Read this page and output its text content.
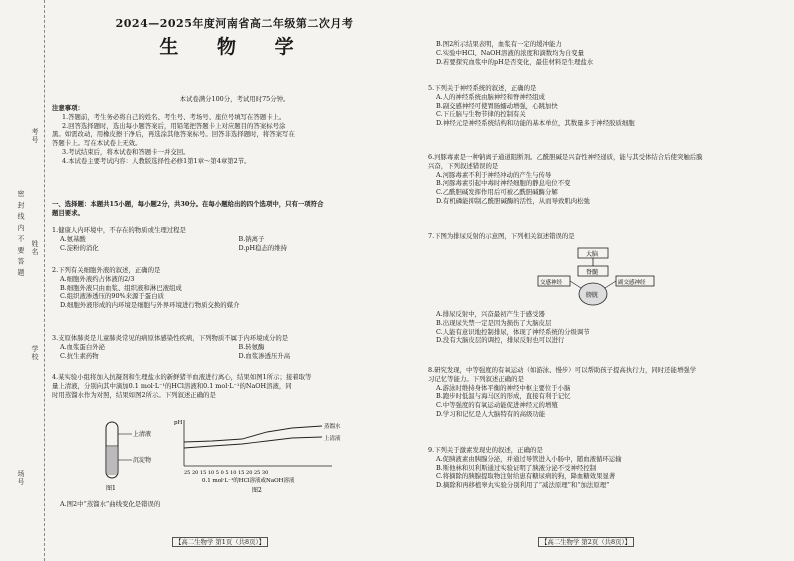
考号
姓名
学校
密 封 线 内 不 要 答 题
场号
2024—2025年度河南省高二年级第二次月考
生 物 学
本试卷满分100分，考试用时75分钟。
注意事项：
1.答题前，考生务必将自己的姓名、考生号、考场号、座位号填写在答题卡上。
2.回答选择题时，选出每小题答案后，用铅笔把答题卡上对应题目的答案标号涂
黑。如需改动，用橡皮擦干净后，再选涂其他答案标号。回答非选择题时，将答案写在
答题卡上。写在本试卷上无效。
3.考试结束后，将本试卷和答题卡一并交回。
4.本试卷主要考试内容：人教版选择性必修1第1章～第4章第2节。
一、选择题：本题共15小题，每小题2分，共30分。在每小题给出的四个选项中，只有一项符合
题目要求。
1.健康人内环境中，不存在的物质或生理过程是
A.氨基酸	B.钠离子
C.淀粉的消化	D.pH稳态的维持
2.下列有关细胞外液的叙述，正确的是
A.细胞外液约占体液的2/3
B.细胞外液只由血浆、组织液和淋巴液组成
C.组织液渗透压的90%来源于蛋白质
D.细胞外液形成的内环境是细胞与外界环境进行物质交换的媒介
3.支原体肺炎是儿童肺炎常见的病原体感染性疾病，下列物质不属于内环境成分的是
A.血浆蛋白外泌	B.转氨酶
C.抗生素药物	D.血浆渗透压升高
4.某实验小组将加入抗凝剂和生理盐水的新鲜猪羊血液进行离心，结果如图1所示；接着取等
量上清液，分别向其中滴加0.1 mol·L⁻¹的HCl溶液和0.1 mol·L⁻¹的NaOH溶液，同
时用蒸馏水作为对照，结果如图2所示。下列叙述正确的是
上清液
沉淀物
图1
pH
蒸馏水
上清液
25 20 15 10 5 0 5 10 15 20 25 30
0.1 mol·L⁻¹的HCl溶液或NaOH溶液
图2
A.图2中“蒸馏水”曲线变化是错误的
【高二生物学 第1页（共8页）】
B.图2所示结果表明，血浆有一定的缓冲能力
C.实验中HCl、NaOH溶液的浓度和滴数均为自变量
D.若要探究血浆中的pH是否变化，最佳材料是生理盐水
5.下列关于神经系统的叙述，正确的是
A.人的神经系统由脑神经和脊神经组成
B.副交感神经可使胃肠蠕动增强，心跳加快
C.下丘脑与生物节律的控制有关
D.神经元是神经系统结构和功能的基本单位，其数量多于神经胶质细胞
6.河豚毒素是一种钠离子通道阻断剂。乙酰胆碱是兴奋性神经递质，能与其受体结合后使突触后膜
兴奋，下列叙述错误的是
A.河豚毒素不利于神经冲动的产生与传导
B.河豚毒素引起中毒时神经细胞的静息电位不变
C.乙酰胆碱发挥作用后可被乙酰胆碱酶分解
D.有机磷能抑制乙酰胆碱酶的活性，从而导致肌肉松弛
7.下图为排尿反射的示意图，下列相关叙述错误的是
大脑
脊髓
交感神经	副交感神经
膀胱
A.排尿反射中，兴奋最初产生于感受器
B.出现尿失禁一定是因为损伤了大脑皮层
C.人能有意识地控制排尿，体现了神经系统的分级调节
D.没有大脑皮层的调控，排尿反射也可以进行
8.研究发现，中等强度的有氧运动（如游泳、慢步）可以帮助孩子提高执行力，同时还能增强学
习记忆等能力。下列叙述正确的是
A.游泳时维持身体平衡的神经中枢主要位于小脑
B.跑步时低温与海马区的形成，直接有利于记忆
C.中等强度的有氧运动能促进神经元的增殖
D.学习和记忆是人大脑特有的高级功能
9.下列关于激素发现史的叙述，正确的是
A.促胰液素由胰腺分泌，并通过导管进入小肠中，随血液循环运输
B.斯他林和贝利斯通过实验证明了胰液分泌不受神经控制
C.将摘除的胰腺提取物注射给患有糖尿病的狗，降血糖效果显著
D.摘除和再移植睾丸实验分别利用了“减法原理”和“加法原理”
【高二生物学 第2页（共8页）】
